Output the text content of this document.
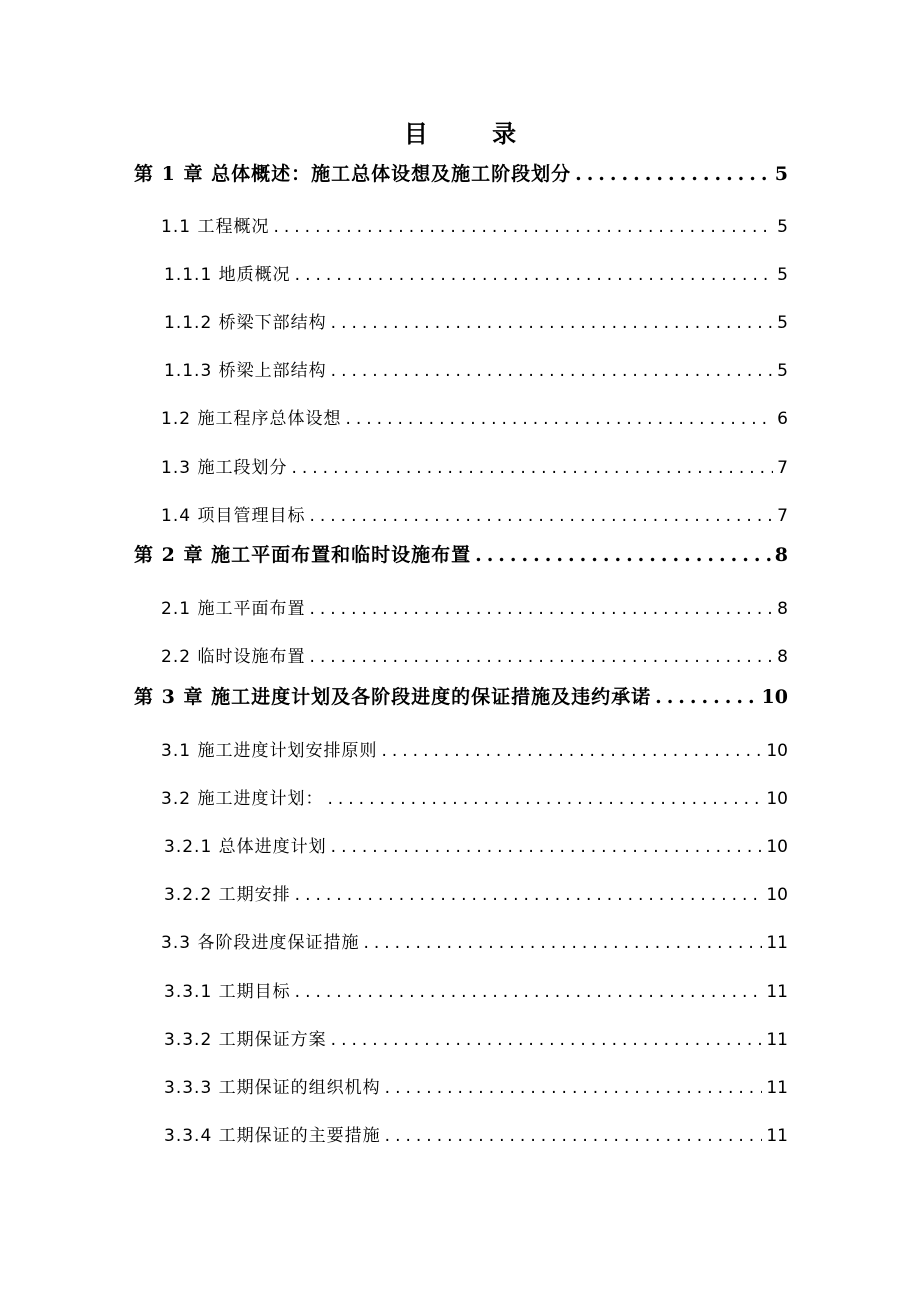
目 录
第 1 章 总体概述：施工总体设想及施工阶段划分 .....	5
1.1 工程概况 .....	5
1.1.1 地质概况 .....	5
1.1.2 桥梁下部结构 .....	5
1.1.3 桥梁上部结构 .....	5
1.2 施工程序总体设想 .....	6
1.3 施工段划分 .....	7
1.4 项目管理目标 .....	7
第 2 章 施工平面布置和临时设施布置 .....	8
2.1 施工平面布置 .....	8
2.2 临时设施布置 .....	8
第 3 章 施工进度计划及各阶段进度的保证措施及违约承诺 .....	10
3.1 施工进度计划安排原则 .....	10
3.2 施工进度计划： .....	10
3.2.1 总体进度计划 .....	10
3.2.2 工期安排 .....	10
3.3 各阶段进度保证措施 .....	11
3.3.1 工期目标 .....	11
3.3.2 工期保证方案 .....	11
3.3.3 工期保证的组织机构 .....	11
3.3.4 工期保证的主要措施 .....	11
